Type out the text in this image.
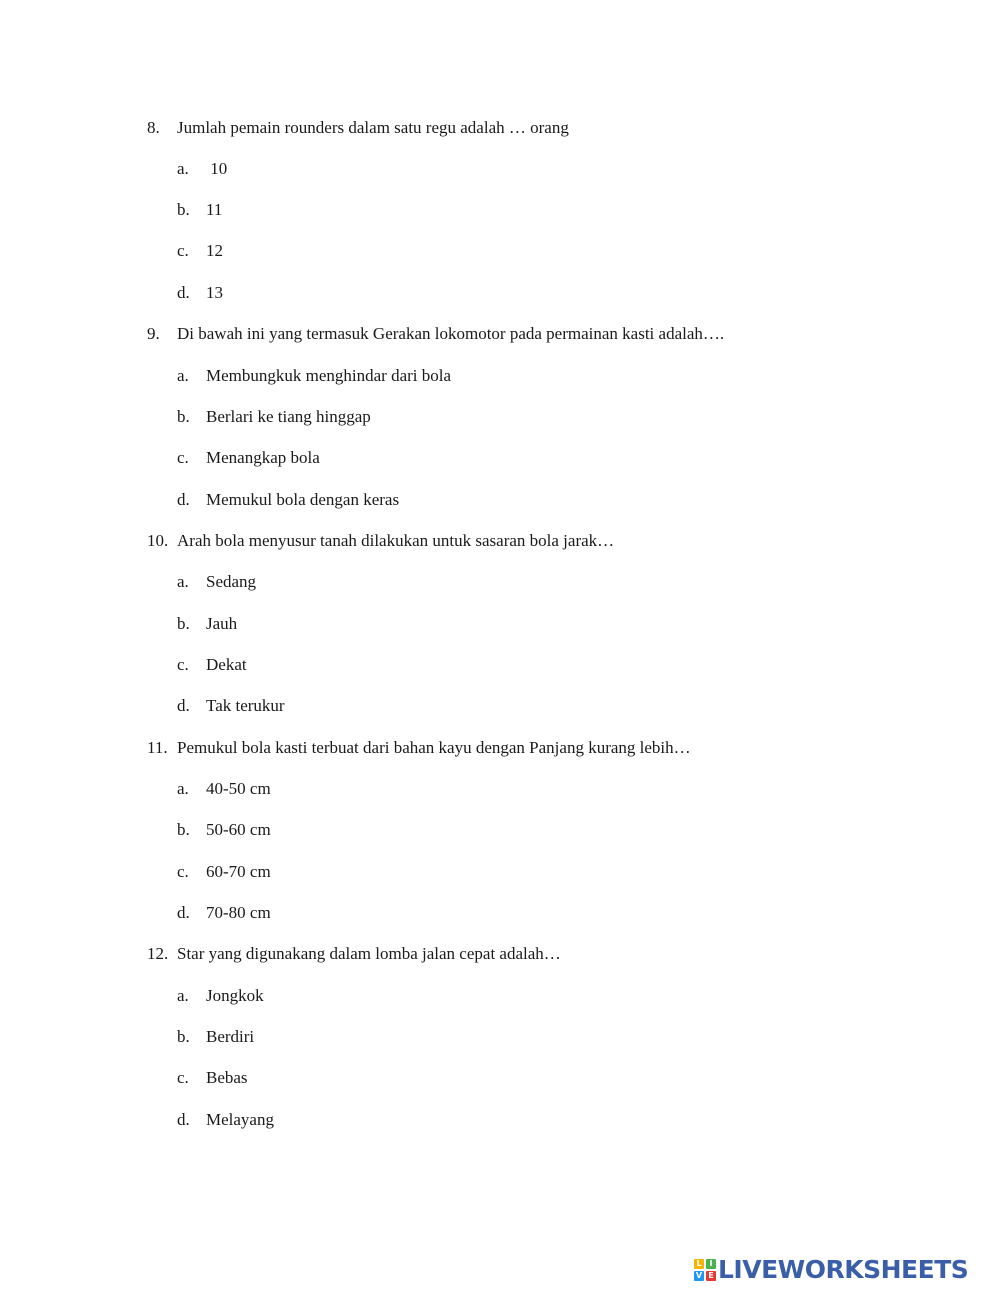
8. Jumlah pemain rounders dalam satu regu adalah … orang
a. 10
b. 11
c. 12
d. 13
9. Di bawah ini yang termasuk Gerakan lokomotor pada permainan kasti adalah….
a. Membungkuk menghindar dari bola
b. Berlari ke tiang hinggap
c. Menangkap bola
d. Memukul bola dengan keras
10. Arah bola menyusur tanah dilakukan untuk sasaran bola jarak…
a. Sedang
b. Jauh
c. Dekat
d. Tak terukur
11. Pemukul bola kasti terbuat dari bahan kayu dengan Panjang kurang lebih…
a. 40-50 cm
b. 50-60 cm
c. 60-70 cm
d. 70-80 cm
12. Star yang digunakang dalam lomba jalan cepat adalah…
a. Jongkok
b. Berdiri
c. Bebas
d. Melayang
L I
V E LIVEWORKSHEETS
